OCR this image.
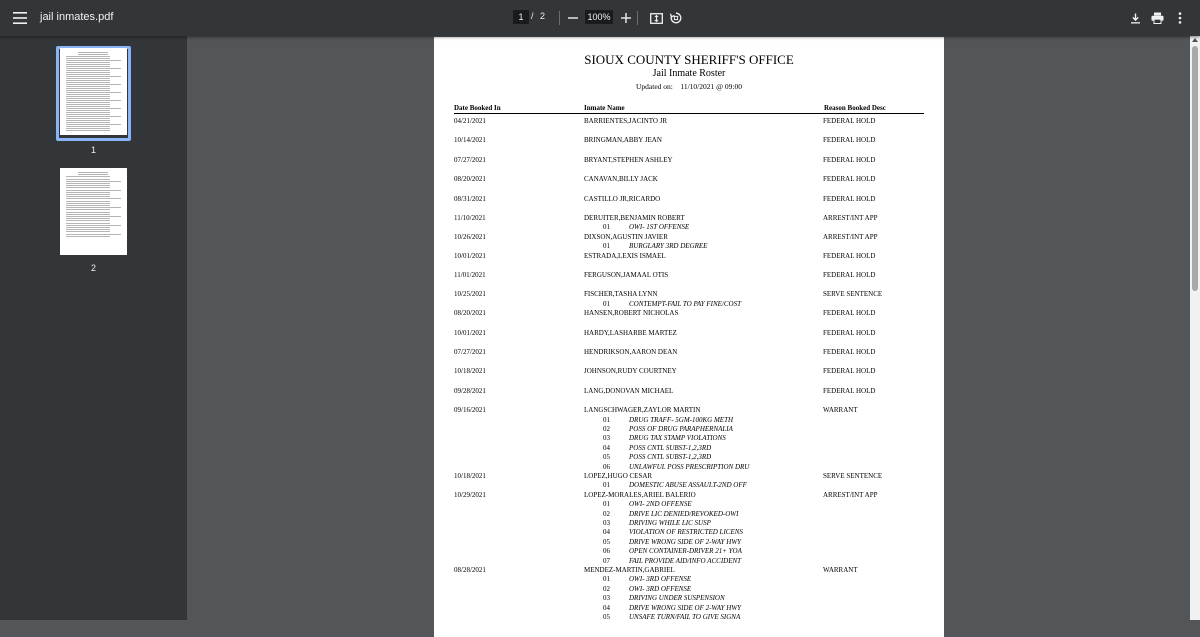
jail inmates.pdf	1 / 2	100%
1
2
SIOUX COUNTY SHERIFF'S OFFICE
Jail Inmate Roster
Updated on: 11/10/2021 @ 09:00
Date Booked In	Inmate Name	Reason Booked Desc
04/21/2021	BARRIENTES,JACINTO JR	FEDERAL HOLD
10/14/2021	BRINGMAN,ABBY JEAN	FEDERAL HOLD
07/27/2021	BRYANT,STEPHEN ASHLEY	FEDERAL HOLD
08/20/2021	CANAVAN,BILLY JACK	FEDERAL HOLD
08/31/2021	CASTILLO JR,RICARDO	FEDERAL HOLD
11/10/2021	DERUITER,BENJAMIN ROBERT	ARREST/INT APP
01	OWI- 1ST OFFENSE
10/26/2021	DIXSON,AGUSTIN JAVIER	ARREST/INT APP
01	BURGLARY 3RD DEGREE
10/01/2021	ESTRADA,LEXIS ISMAEL	FEDERAL HOLD
11/01/2021	FERGUSON,JAMAAL OTIS	FEDERAL HOLD
10/25/2021	FISCHER,TASHA LYNN	SERVE SENTENCE
01	CONTEMPT-FAIL TO PAY FINE/COST
08/20/2021	HANSEN,ROBERT NICHOLAS	FEDERAL HOLD
10/01/2021	HARDY,LASHARBE MARTEZ	FEDERAL HOLD
07/27/2021	HENDRIKSON,AARON DEAN	FEDERAL HOLD
10/18/2021	JOHNSON,RUDY COURTNEY	FEDERAL HOLD
09/28/2021	LANG,DONOVAN MICHAEL	FEDERAL HOLD
09/16/2021	LANGSCHWAGER,ZAYLOR MARTIN	WARRANT
01	DRUG TRAFF- 5GM-100KG METH
02	POSS OF DRUG PARAPHERNALIA
03	DRUG TAX STAMP VIOLATIONS
04	POSS CNTL SUBST-1,2,3RD
05	POSS CNTL SUBST-1,2,3RD
06	UNLAWFUL POSS PRESCRIPTION DRU
10/18/2021	LOPEZ,HUGO CESAR	SERVE SENTENCE
01	DOMESTIC ABUSE ASSAULT-2ND OFF
10/29/2021	LOPEZ-MORALES,ARIEL BALERIO	ARREST/INT APP
01	OWI- 2ND OFFENSE
02	DRIVE LIC DENIED/REVOKED-OWI
03	DRIVING WHILE LIC SUSP
04	VIOLATION OF RESTRICTED LICENS
05	DRIVE WRONG SIDE OF 2-WAY HWY
06	OPEN CONTAINER-DRIVER 21+ YOA
07	FAIL PROVIDE AID/INFO ACCIDENT
08/28/2021	MENDEZ-MARTIN,GABRIEL	WARRANT
01	OWI- 3RD OFFENSE
02	OWI- 3RD OFFENSE
03	DRIVING UNDER SUSPENSION
04	DRIVE WRONG SIDE OF 2-WAY HWY
05	UNSAFE TURN/FAIL TO GIVE SIGNA
